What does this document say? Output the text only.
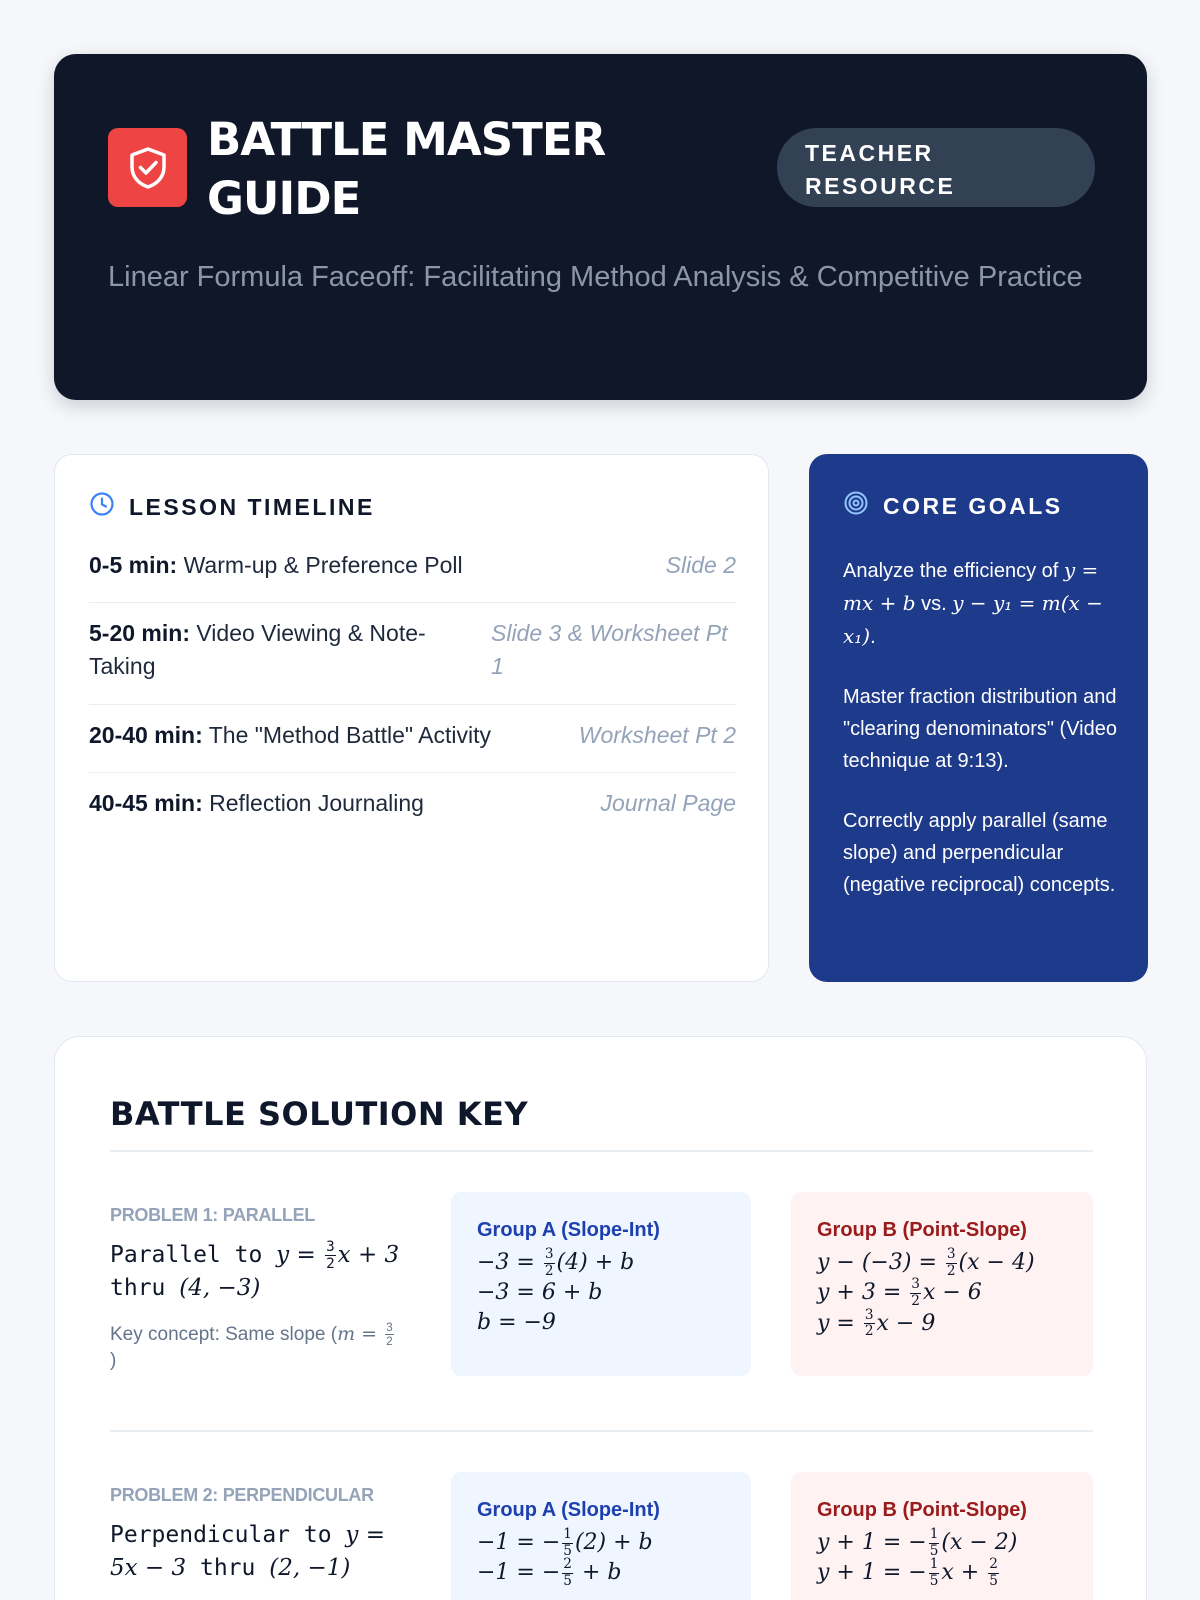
BATTLE MASTER GUIDE
TEACHER RESOURCE
Linear Formula Faceoff: Facilitating Method Analysis & Competitive Practice
LESSON TIMELINE
0-5 min: Warm-up & Preference Poll	Slide 2
5-20 min: Video Viewing & Note-Taking
Slide 3 & Worksheet Pt 1
20-40 min: The "Method Battle" Activity	Worksheet Pt 2
40-45 min: Reflection Journaling	Journal Page
CORE GOALS
Analyze the efficiency of y = mx + b vs. y − y₁ = m(x − x₁).
Master fraction distribution and "clearing denominators" (Video technique at 9:13).
Correctly apply parallel (same slope) and perpendicular (negative reciprocal) concepts.
BATTLE SOLUTION KEY
PROBLEM 1: PARALLEL
Parallel to $y = \frac{3}{2}$ x + 3 thru (4, −3)
Key concept: Same slope ($m = \frac{3}{2}$
)
Group A (Slope-Int)
$-3 = \frac{3}{2} (4) + b$
−3 = 6 + b
b = −9
Group B (Point-Slope)
$y - (-3) = \frac{3}{2} (x - 4)$
$y + 3 = \frac{3}{2}$ x − 6
$y = \frac{3}{2}$ x − 9
PROBLEM 2: PERPENDICULAR
Perpendicular to y = 5x − 3 thru (2, −1)
Group A (Slope-Int)
−1 = − $\frac{1}{5} (2) + b$
−1 = − $\frac{2}{5} + b$
Group B (Point-Slope)
y + 1 = − $\frac{1}{5} (x - 2)$
y + 1 = − $\frac{1}{5}$ $x + \frac{2}{5}$
